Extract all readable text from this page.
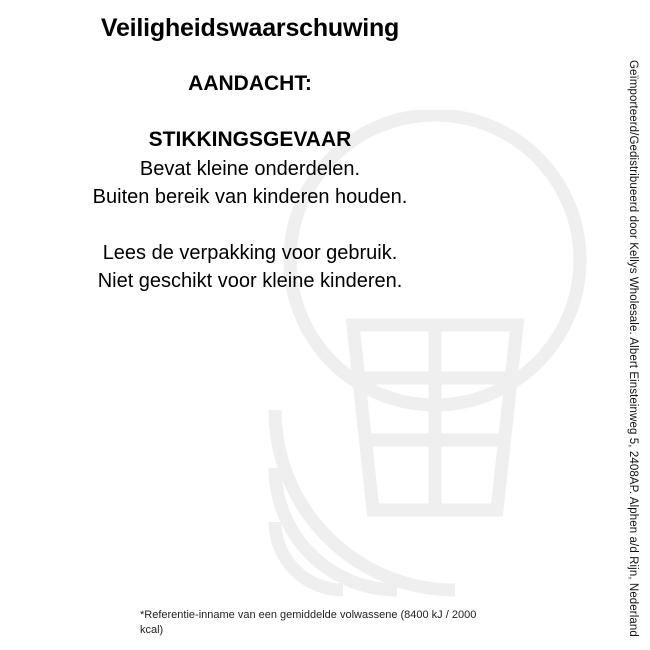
Veiligheidswaarschuwing
AANDACHT:
STIKKINGSGEVAAR
Bevat kleine onderdelen.
Buiten bereik van kinderen houden.
Lees de verpakking voor gebruik.
Niet geschikt voor kleine kinderen.
*Referentie-inname van een gemiddelde volwassene (8400 kJ / 2000 kcal)	Geïmporteerd/Gedistribueerd door Kellys Wholesale. Albert Einsteinweg 5, 2408AP. Alphen a/d Rijn, Nederland
